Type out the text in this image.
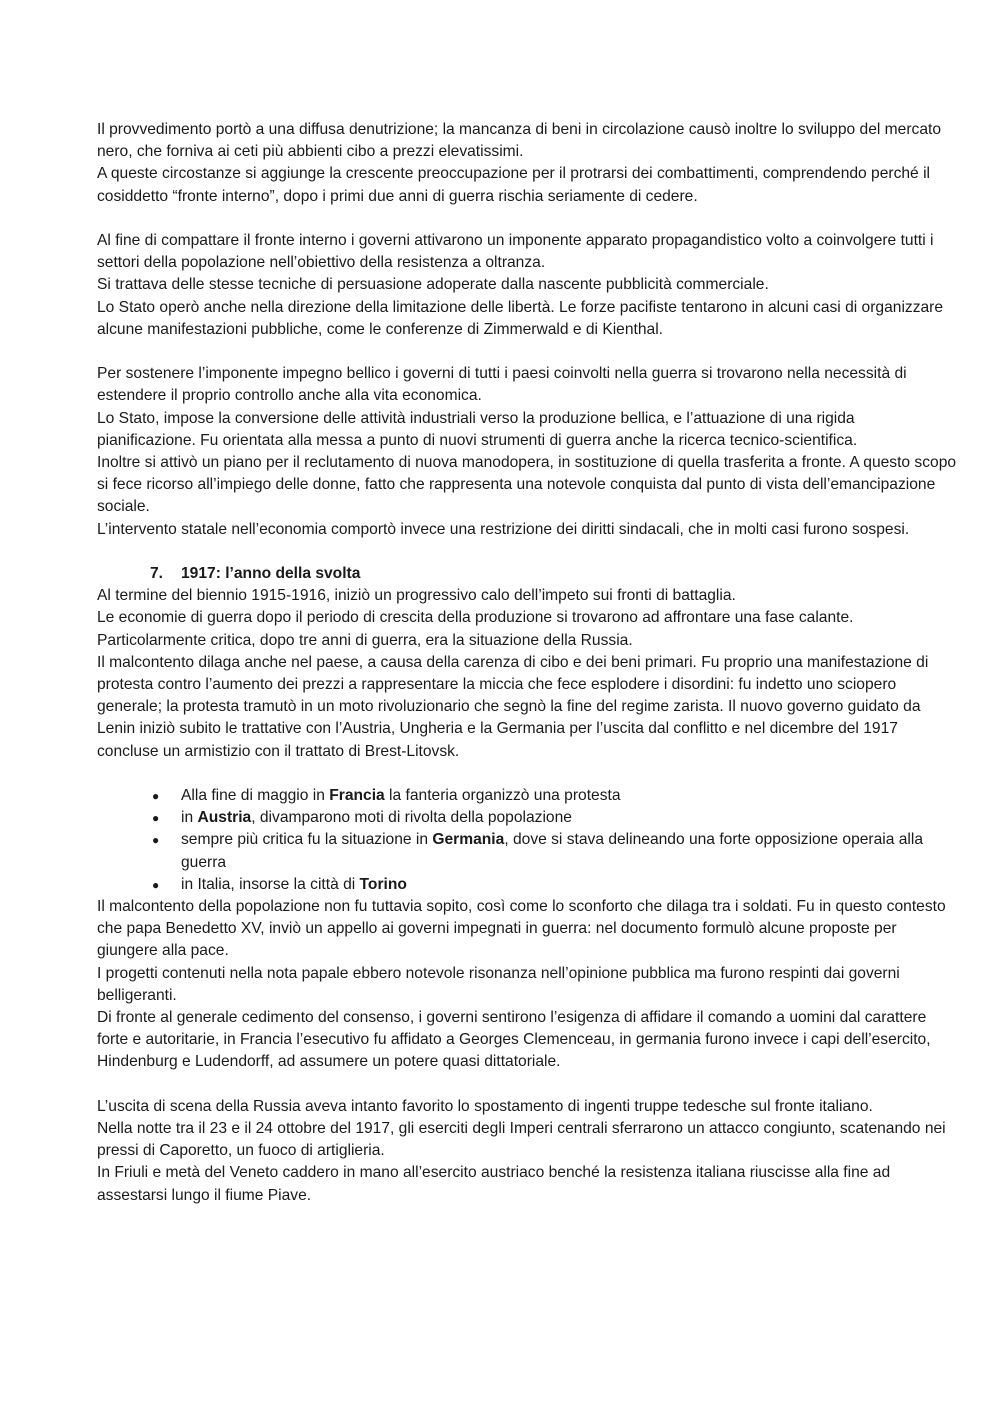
Il provvedimento portò a una diffusa denutrizione; la mancanza di beni in circolazione causò inoltre lo sviluppo del mercato nero, che forniva ai ceti più abbienti cibo a prezzi elevatissimi.

A queste circostanze si aggiunge la crescente preoccupazione per il protrarsi dei combattimenti, comprendendo perché il cosiddetto “fronte interno”, dopo i primi due anni di guerra rischia seriamente di cedere.

Al fine di compattare il fronte interno i governi attivarono un imponente apparato propagandistico volto a coinvolgere tutti i settori della popolazione nell’obiettivo della resistenza a oltranza.

Si trattava delle stesse tecniche di persuasione adoperate dalla nascente pubblicità commerciale.

Lo Stato operò anche nella direzione della limitazione delle libertà. Le forze pacifiste tentarono in alcuni casi di organizzare alcune manifestazioni pubbliche, come le conferenze di Zimmerwald e di Kienthal.

Per sostenere l’imponente impegno bellico i governi di tutti i paesi coinvolti nella guerra si trovarono nella necessità di estendere il proprio controllo anche alla vita economica.

Lo Stato, impose la conversione delle attività industriali verso la produzione bellica, e l’attuazione di una rigida pianificazione. Fu orientata alla messa a punto di nuovi strumenti di guerra anche la ricerca tecnico-scientifica.

Inoltre si attivò un piano per il reclutamento di nuova manodopera, in sostituzione di quella trasferita a fronte. A questo scopo si fece ricorso all’impiego delle donne, fatto che rappresenta una notevole conquista dal punto di vista dell’emancipazione sociale.

L’intervento statale nell’economia comportò invece una restrizione dei diritti sindacali, che in molti casi furono sospesi.

7. 1917: l’anno della svolta

Al termine del biennio 1915-1916, iniziò un progressivo calo dell’impeto sui fronti di battaglia.

Le economie di guerra dopo il periodo di crescita della produzione si trovarono ad affrontare una fase calante.

Particolarmente critica, dopo tre anni di guerra, era la situazione della Russia.

Il malcontento dilaga anche nel paese, a causa della carenza di cibo e dei beni primari. Fu proprio una manifestazione di protesta contro l’aumento dei prezzi a rappresentare la miccia che fece esplodere i disordini: fu indetto uno sciopero generale; la protesta tramutò in un moto rivoluzionario che segnò la fine del regime zarista. Il nuovo governo guidato da Lenin iniziò subito le trattative con l’Austria, Ungheria e la Germania per l’uscita dal conflitto e nel dicembre del 1917 concluse un armistizio con il trattato di Brest-Litovsk.

● Alla fine di maggio in Francia la fanteria organizzò una protesta
● in Austria, divamparono moti di rivolta della popolazione
● sempre più critica fu la situazione in Germania, dove si stava delineando una forte opposizione operaia alla guerra
● in Italia, insorse la città di Torino

Il malcontento della popolazione non fu tuttavia sopito, così come lo sconforto che dilaga tra i soldati. Fu in questo contesto che papa Benedetto XV, inviò un appello ai governi impegnati in guerra: nel documento formulò alcune proposte per giungere alla pace.

I progetti contenuti nella nota papale ebbero notevole risonanza nell’opinione pubblica ma furono respinti dai governi belligeranti.

Di fronte al generale cedimento del consenso, i governi sentirono l’esigenza di affidare il comando a uomini dal carattere forte e autoritarie, in Francia l’esecutivo fu affidato a Georges Clemenceau, in germania furono invece i capi dell’esercito, Hindenburg e Ludendorff, ad assumere un potere quasi dittatoriale.

L’uscita di scena della Russia aveva intanto favorito lo spostamento di ingenti truppe tedesche sul fronte italiano.

Nella notte tra il 23 e il 24 ottobre del 1917, gli eserciti degli Imperi centrali sferrarono un attacco congiunto, scatenando nei pressi di Caporetto, un fuoco di artiglieria.

In Friuli e metà del Veneto caddero in mano all’esercito austriaco benché la resistenza italiana riuscisse alla fine ad assestarsi lungo il fiume Piave.
